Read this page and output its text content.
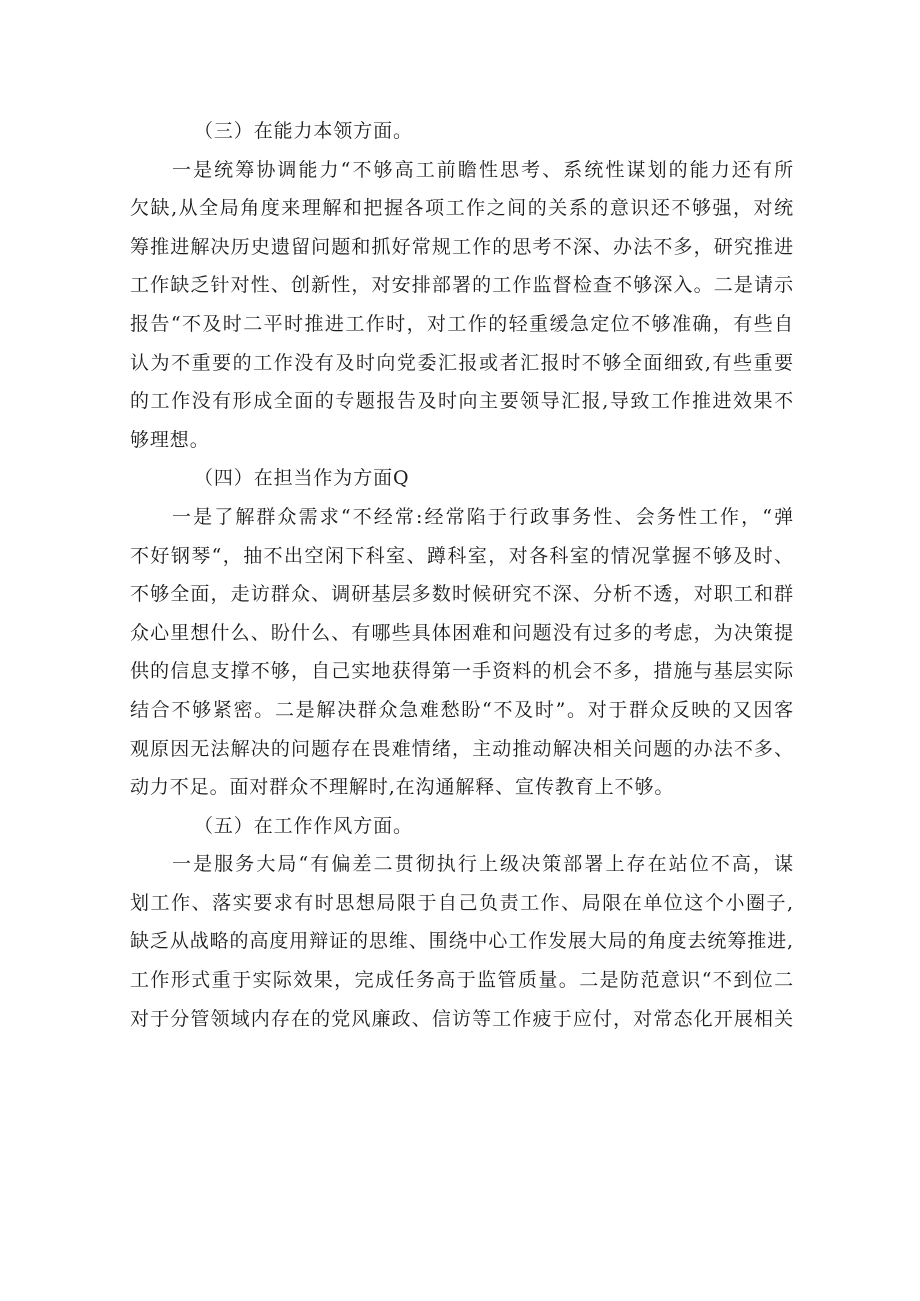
（三）在能力本领方面。
一是统筹协调能力“不够高工前瞻性思考、系统性谋划的能力还有所
欠缺,从全局角度来理解和把握各项工作之间的关系的意识还不够强，对统
筹推进解决历史遗留问题和抓好常规工作的思考不深、办法不多，研究推进
工作缺乏针对性、创新性，对安排部署的工作监督检查不够深入。二是请示
报告“不及时二平时推进工作时，对工作的轻重缓急定位不够准确，有些自
认为不重要的工作没有及时向党委汇报或者汇报时不够全面细致,有些重要
的工作没有形成全面的专题报告及时向主要领导汇报,导致工作推进效果不
够理想。
（四）在担当作为方面Q
一是了解群众需求“不经常:经常陷于行政事务性、会务性工作，“弹
不好钢琴“，抽不出空闲下科室、蹲科室，对各科室的情况掌握不够及时、
不够全面，走访群众、调研基层多数时候研究不深、分析不透，对职工和群
众心里想什么、盼什么、有哪些具体困难和问题没有过多的考虑，为决策提
供的信息支撑不够，自己实地获得第一手资料的机会不多，措施与基层实际
结合不够紧密。二是解决群众急难愁盼“不及时”。对于群众反映的又因客
观原因无法解决的问题存在畏难情绪，主动推动解决相关问题的办法不多、
动力不足。面对群众不理解时,在沟通解释、宣传教育上不够。
（五）在工作作风方面。
一是服务大局“有偏差二贯彻执行上级决策部署上存在站位不高，谋
划工作、落实要求有时思想局限于自己负责工作、局限在单位这个小圈子,
缺乏从战略的高度用辩证的思维、围绕中心工作发展大局的角度去统筹推进,
工作形式重于实际效果，完成任务高于监管质量。二是防范意识“不到位二
对于分管领域内存在的党风廉政、信访等工作疲于应付，对常态化开展相关
